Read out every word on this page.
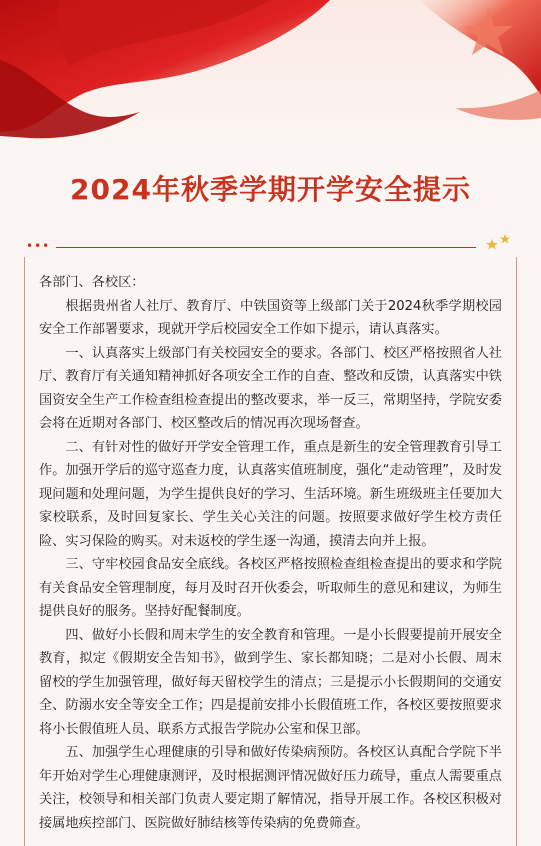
2024年秋季学期开学安全提示
•••

各部门、各校区：

根据贵州省人社厅、教育厅、中铁国资等上级部门关于2024秋季学期校园安全工作部署要求，现就开学后校园安全工作如下提示，请认真落实。

一、认真落实上级部门有关校园安全的要求。各部门、校区严格按照省人社厅、教育厅有关通知精神抓好各项安全工作的自查、整改和反馈，认真落实中铁国资安全生产工作检查组检查提出的整改要求，举一反三，常期坚持，学院安委会将在近期对各部门、校区整改后的情况再次现场督查。

二、有针对性的做好开学安全管理工作，重点是新生的安全管理教育引导工作。加强开学后的巡守巡查力度，认真落实值班制度，强化“走动管理”，及时发现问题和处理问题，为学生提供良好的学习、生活环境。新生班级班主任要加大家校联系，及时回复家长、学生关心关注的问题。按照要求做好学生校方责任险、实习保险的购买。对未返校的学生逐一沟通，摸清去向并上报。

三、守牢校园食品安全底线。各校区严格按照检查组检查提出的要求和学院有关食品安全管理制度，每月及时召开伙委会，听取师生的意见和建议，为师生提供良好的服务。坚持好配餐制度。

四、做好小长假和周末学生的安全教育和管理。一是小长假要提前开展安全教育，拟定《假期安全告知书》，做到学生、家长都知晓；二是对小长假、周末留校的学生加强管理，做好每天留校学生的清点；三是提示小长假期间的交通安全、防溺水安全等安全工作；四是提前安排小长假值班工作，各校区要按照要求将小长假值班人员、联系方式报告学院办公室和保卫部。

五、加强学生心理健康的引导和做好传染病预防。各校区认真配合学院下半年开始对学生心理健康测评，及时根据测评情况做好压力疏导，重点人需要重点关注，校领导和相关部门负责人要定期了解情况，指导开展工作。各校区积极对接属地疾控部门、医院做好肺结核等传染病的免费筛查。
